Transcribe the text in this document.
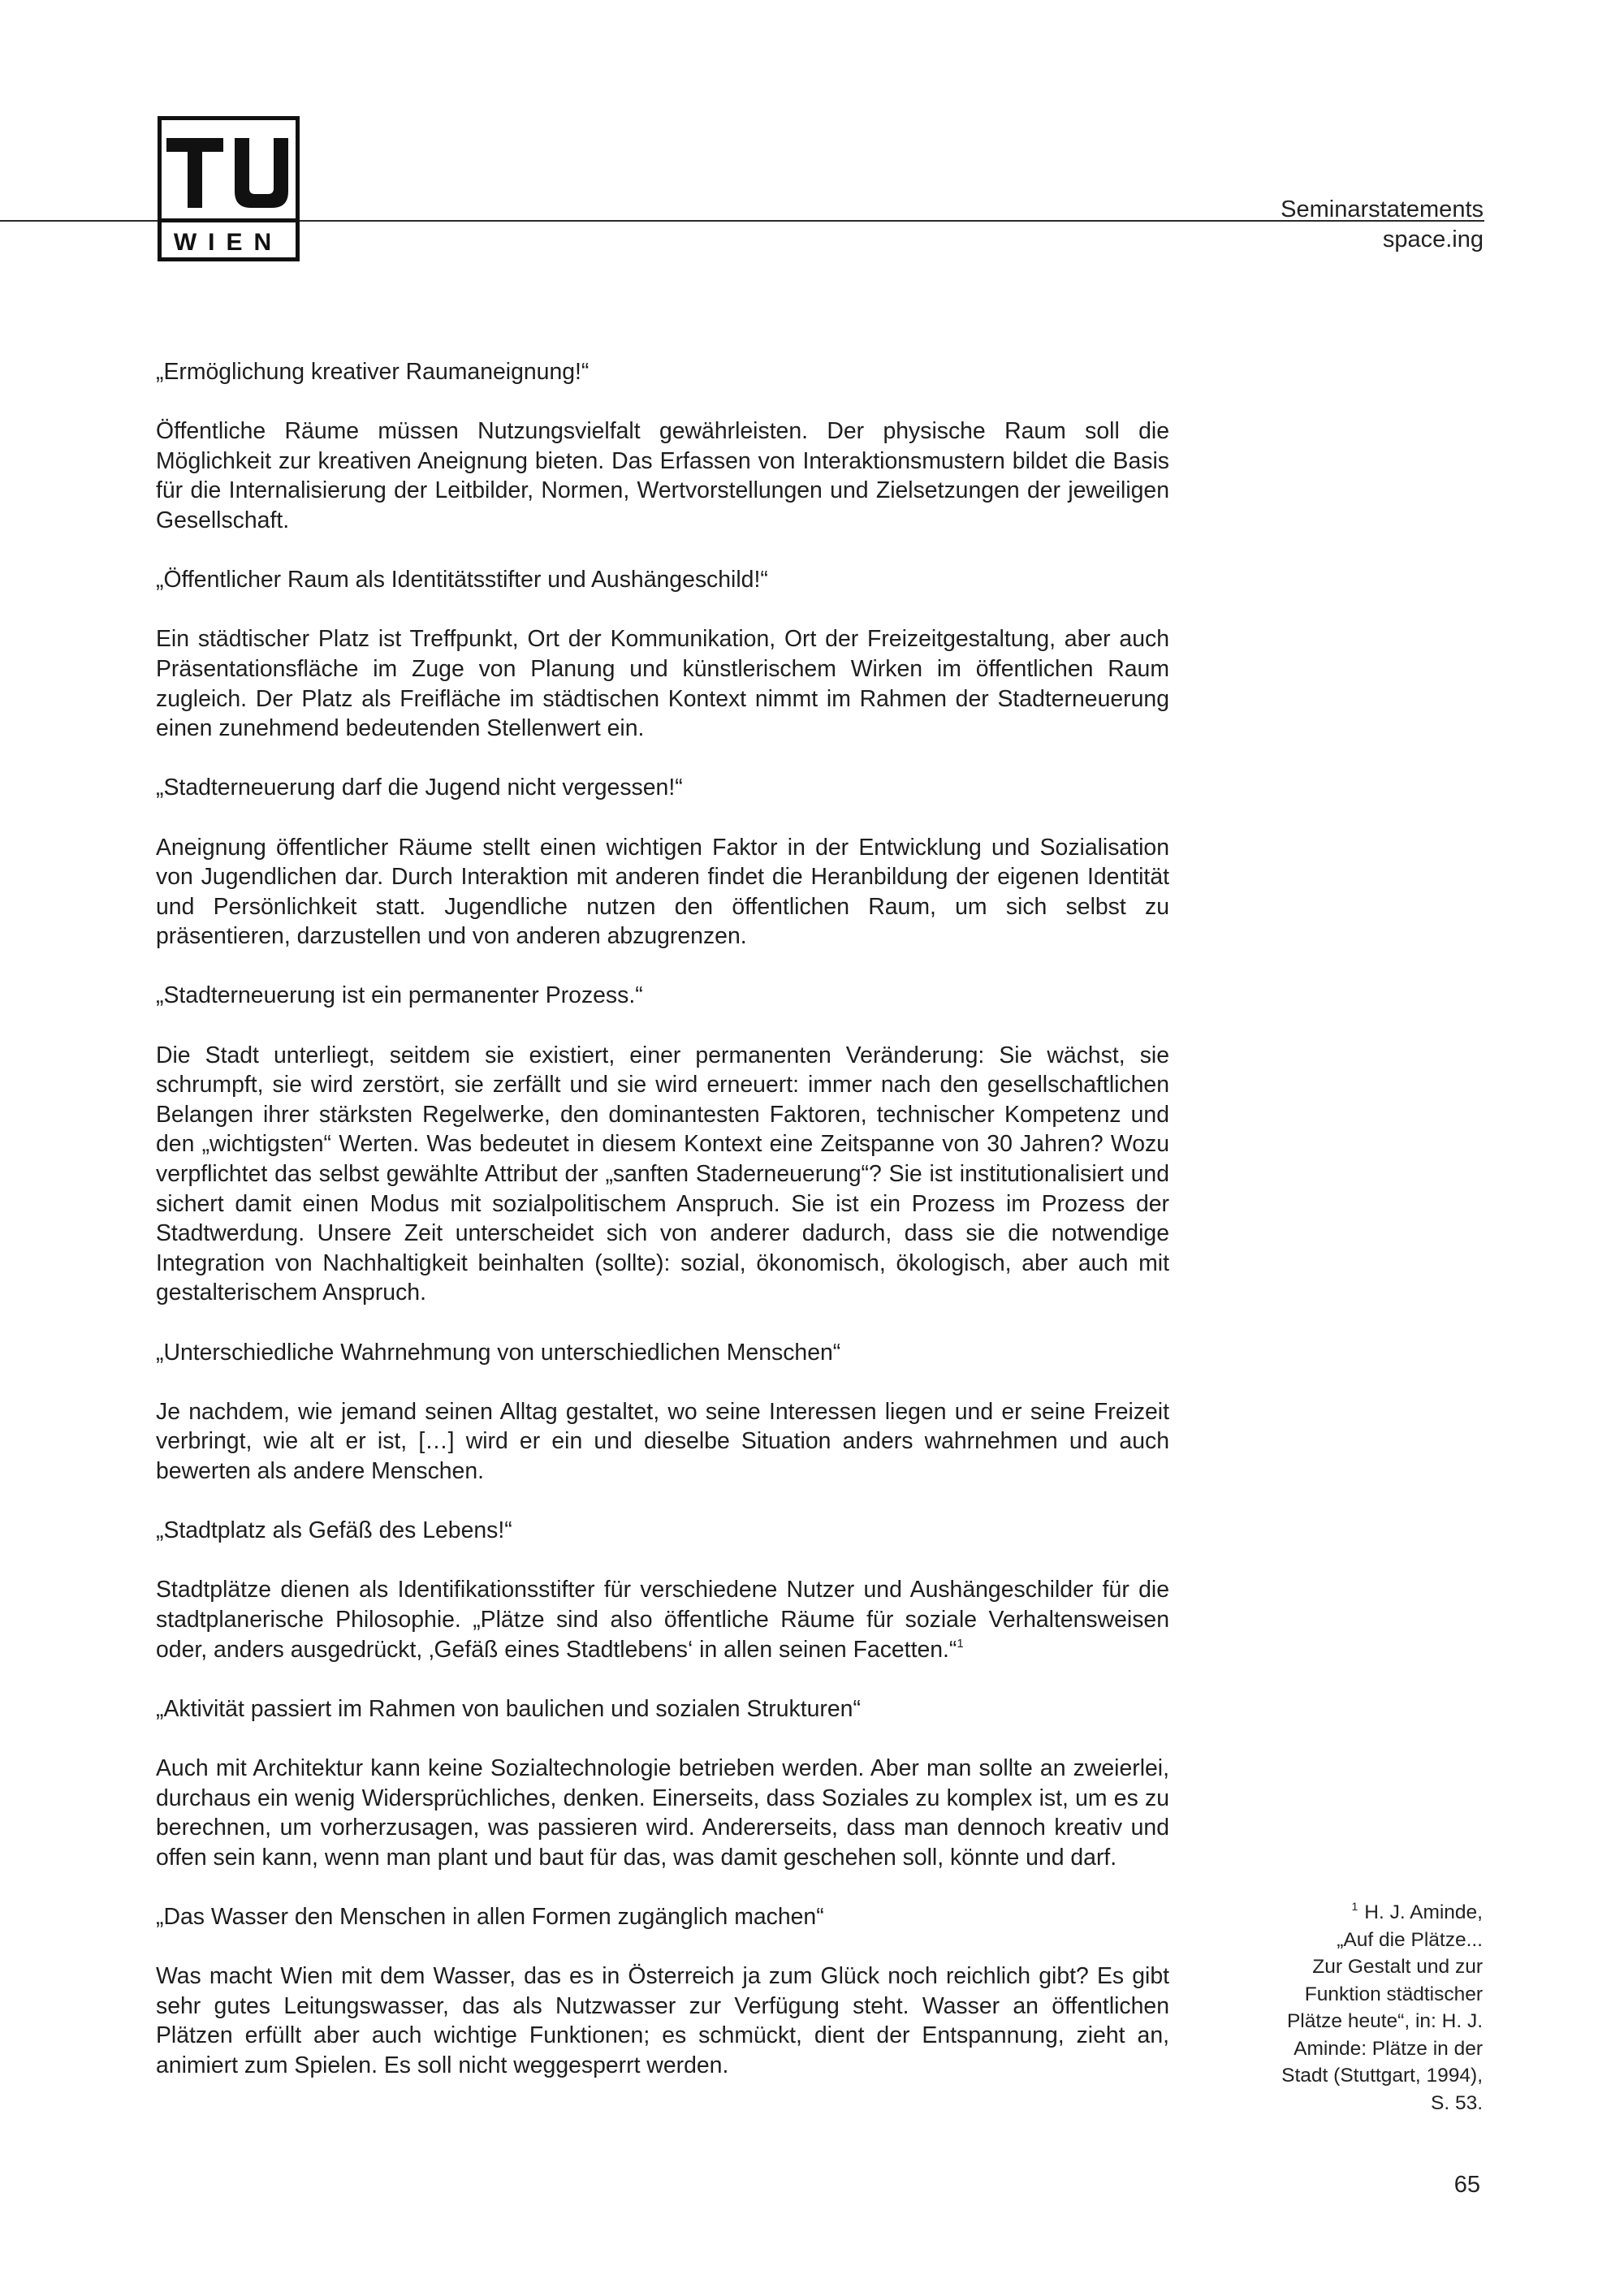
WIEN
Seminarstatements
space.ing

„Ermöglichung kreativer Raumaneignung!“

Öffentliche Räume müssen Nutzungsvielfalt gewährleisten. Der physische Raum soll die Möglichkeit zur kreativen Aneignung bieten. Das Erfassen von Interaktionsmustern bildet die Basis für die Internalisierung der Leitbilder, Normen, Wertvorstellungen und Zielsetzungen der jeweiligen Gesellschaft.

„Öffentlicher Raum als Identitätsstifter und Aushängeschild!“

Ein städtischer Platz ist Treffpunkt, Ort der Kommunikation, Ort der Freizeitgestaltung, aber auch Präsentationsfläche im Zuge von Planung und künstlerischem Wirken im öffentlichen Raum zugleich. Der Platz als Freifläche im städtischen Kontext nimmt im Rahmen der Stadterneuerung einen zunehmend bedeutenden Stellenwert ein.

„Stadterneuerung darf die Jugend nicht vergessen!“

Aneignung öffentlicher Räume stellt einen wichtigen Faktor in der Entwicklung und Sozialisation von Jugendlichen dar. Durch Interaktion mit anderen findet die Heranbildung der eigenen Identität und Persönlichkeit statt. Jugendliche nutzen den öffentlichen Raum, um sich selbst zu präsentieren, darzustellen und von anderen abzugrenzen.

„Stadterneuerung ist ein permanenter Prozess.“

Die Stadt unterliegt, seitdem sie existiert, einer permanenten Veränderung: Sie wächst, sie schrumpft, sie wird zerstört, sie zerfällt und sie wird erneuert: immer nach den gesellschaftlichen Belangen ihrer stärksten Regelwerke, den dominantesten Faktoren, technischer Kompetenz und den „wichtigsten“ Werten. Was bedeutet in diesem Kontext eine Zeitspanne von 30 Jahren? Wozu verpflichtet das selbst gewählte Attribut der „sanften Staderneuerung“? Sie ist institutionalisiert und sichert damit einen Modus mit sozialpolitischem Anspruch. Sie ist ein Prozess im Prozess der Stadtwerdung. Unsere Zeit unterscheidet sich von anderer dadurch, dass sie die notwendige Integration von Nachhaltigkeit beinhalten (sollte): sozial, ökonomisch, ökologisch, aber auch mit gestalterischem Anspruch.

„Unterschiedliche Wahrnehmung von unterschiedlichen Menschen“

Je nachdem, wie jemand seinen Alltag gestaltet, wo seine Interessen liegen und er seine Freizeit verbringt, wie alt er ist, […] wird er ein und dieselbe Situation anders wahrnehmen und auch bewerten als andere Menschen.

„Stadtplatz als Gefäß des Lebens!“

Stadtplätze dienen als Identifikationsstifter für verschiedene Nutzer und Aushängeschilder für die stadtplanerische Philosophie. „Plätze sind also öffentliche Räume für soziale Verhaltensweisen oder, anders ausgedrückt, ‚Gefäß eines Stadtlebens‘ in allen seinen Facetten.“$^1$

„Aktivität passiert im Rahmen von baulichen und sozialen Strukturen“

Auch mit Architektur kann keine Sozialtechnologie betrieben werden. Aber man sollte an zweierlei, durchaus ein wenig Widersprüchliches, denken. Einerseits, dass Soziales zu komplex ist, um es zu berechnen, um vorherzusagen, was passieren wird. Andererseits, dass man dennoch kreativ und offen sein kann, wenn man plant und baut für das, was damit geschehen soll, könnte und darf.

„Das Wasser den Menschen in allen Formen zugänglich machen“

Was macht Wien mit dem Wasser, das es in Österreich ja zum Glück noch reichlich gibt? Es gibt sehr gutes Leitungswasser, das als Nutzwasser zur Verfügung steht. Wasser an öffentlichen Plätzen erfüllt aber auch wichtige Funktionen; es schmückt, dient der Entspannung, zieht an, animiert zum Spielen. Es soll nicht weggesperrt werden.

$^1$ H. J. Aminde,
„Auf die Plätze...
Zur Gestalt und zur
Funktion städtischer
Plätze heute“, in: H. J.
Aminde: Plätze in der
Stadt (Stuttgart, 1994),
S. 53.
65
